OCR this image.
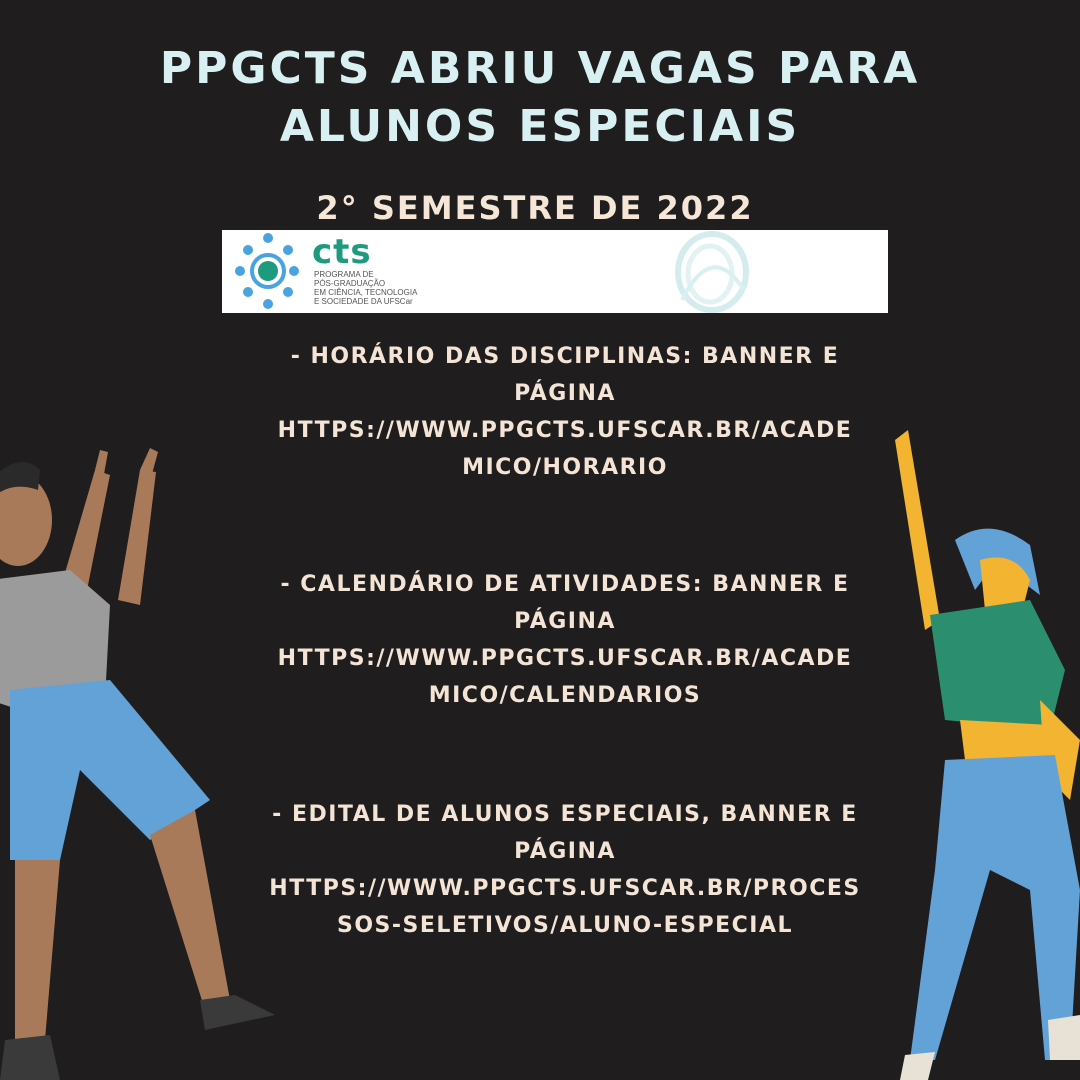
PPGCTS ABRIU VAGAS PARA
ALUNOS ESPECIAIS
2° SEMESTRE DE 2022
cts
PROGRAMA DE
PÓS-GRADUAÇÃO
EM CIÊNCIA, TECNOLOGIA
E SOCIEDADE DA UFSCar
- HORÁRIO DAS DISCIPLINAS: BANNER E
PÁGINA
HTTPS://WWW.PPGCTS.UFSCAR.BR/ACADE
MICO/HORARIO
- CALENDÁRIO DE ATIVIDADES: BANNER E
PÁGINA
HTTPS://WWW.PPGCTS.UFSCAR.BR/ACADE
MICO/CALENDARIOS
- EDITAL DE ALUNOS ESPECIAIS, BANNER E
PÁGINA
HTTPS://WWW.PPGCTS.UFSCAR.BR/PROCES
SOS-SELETIVOS/ALUNO-ESPECIAL
